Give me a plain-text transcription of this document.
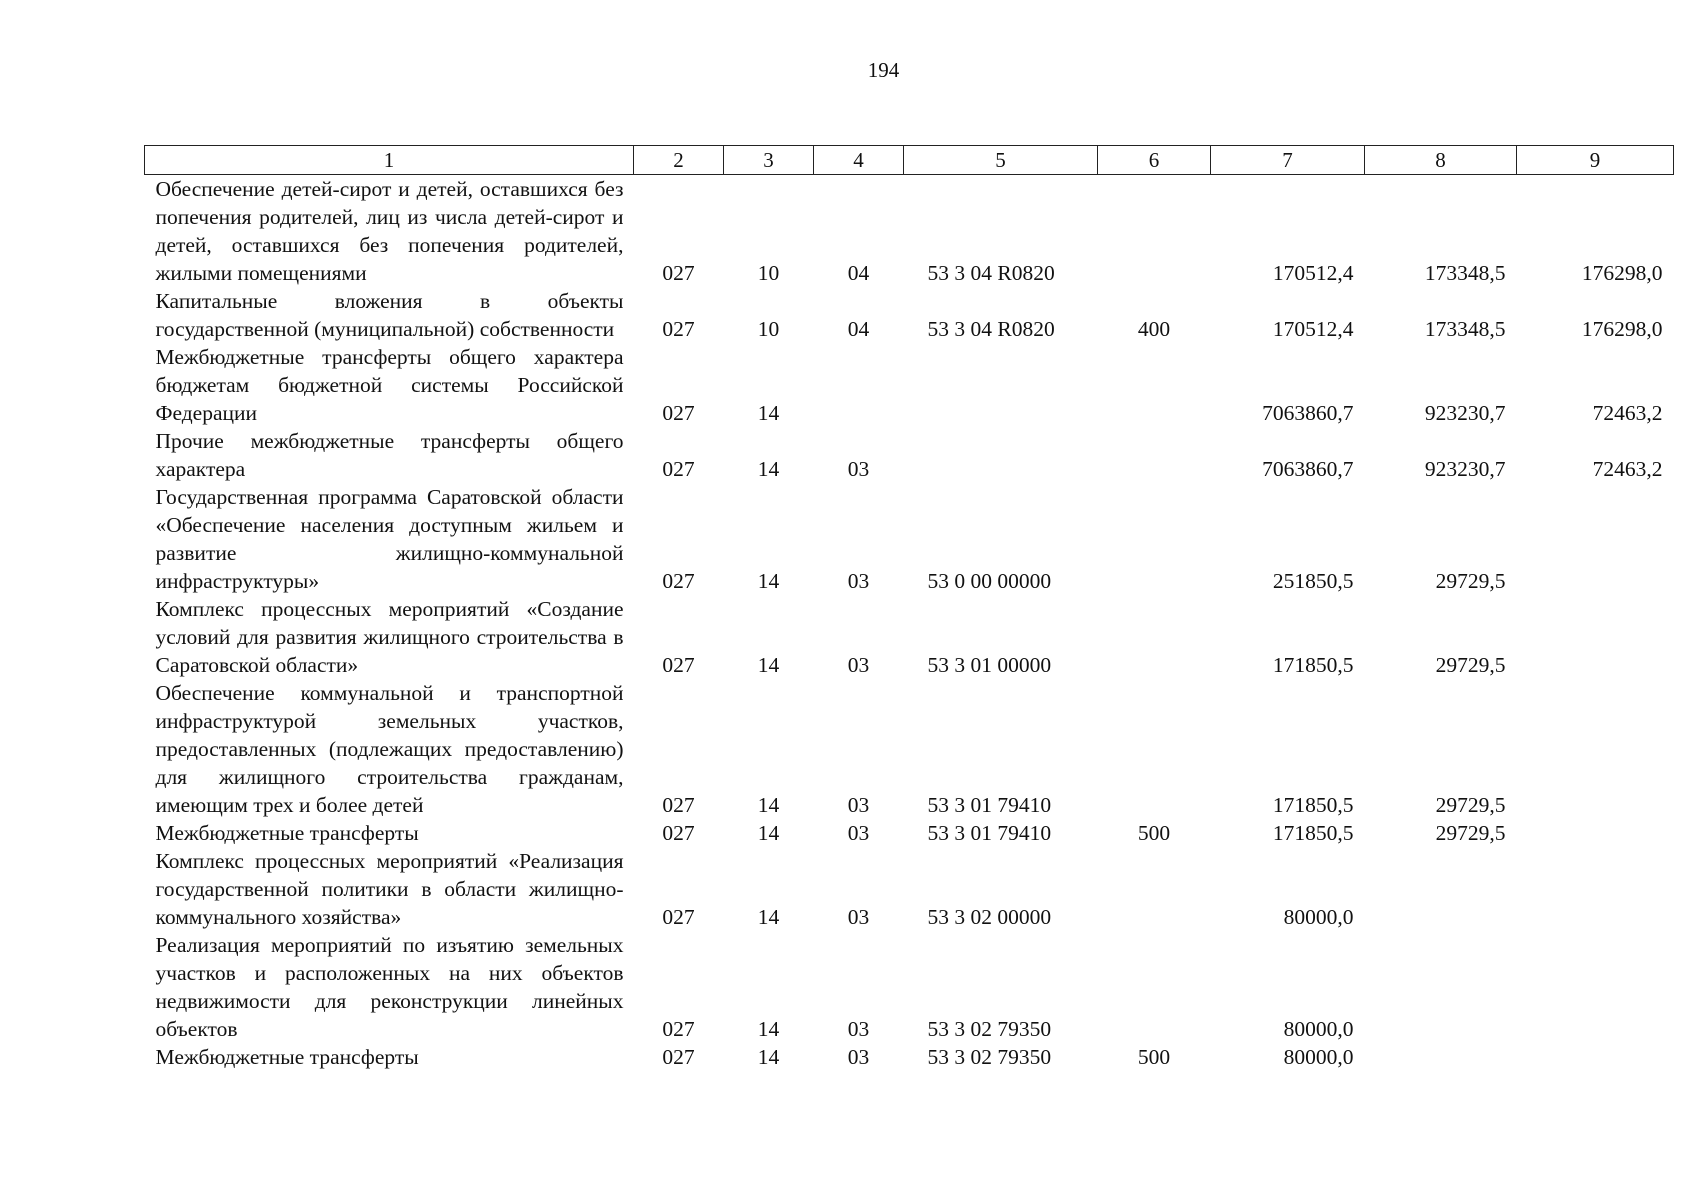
194
1	2	3	4	5	6	7	8	9
Обеспечение детей-сирот и детей, оставшихся без попечения родителей, лиц из числа детей-сирот и детей, оставшихся без попечения родителей, жилыми помещениями	027	10	04	53 3 04 R0820		170512,4	173348,5	176298,0
Капитальные вложения в объекты государственной (муниципальной) собственности	027	10	04	53 3 04 R0820	400	170512,4	173348,5	176298,0
Межбюджетные трансферты общего характера бюджетам бюджетной системы Российской Федерации	027	14				7063860,7	923230,7	72463,2
Прочие межбюджетные трансферты общего характера	027	14	03			7063860,7	923230,7	72463,2
Государственная программа Саратовской области «Обеспечение населения доступным жильем и развитие жилищно-коммунальной инфраструктуры»	027	14	03	53 0 00 00000		251850,5	29729,5	
Комплекс процессных мероприятий «Создание условий для развития жилищного строительства в Саратовской области»	027	14	03	53 3 01 00000		171850,5	29729,5	
Обеспечение коммунальной и транспортной инфраструктурой земельных участков, предоставленных (подлежащих предоставлению) для жилищного строительства гражданам, имеющим трех и более детей	027	14	03	53 3 01 79410		171850,5	29729,5	
Межбюджетные трансферты	027	14	03	53 3 01 79410	500	171850,5	29729,5	
Комплекс процессных мероприятий «Реализация государственной политики в области жилищно-коммунального хозяйства»	027	14	03	53 3 02 00000		80000,0		
Реализация мероприятий по изъятию земельных участков и расположенных на них объектов недвижимости для реконструкции линейных объектов	027	14	03	53 3 02 79350		80000,0		
Межбюджетные трансферты	027	14	03	53 3 02 79350	500	80000,0		
